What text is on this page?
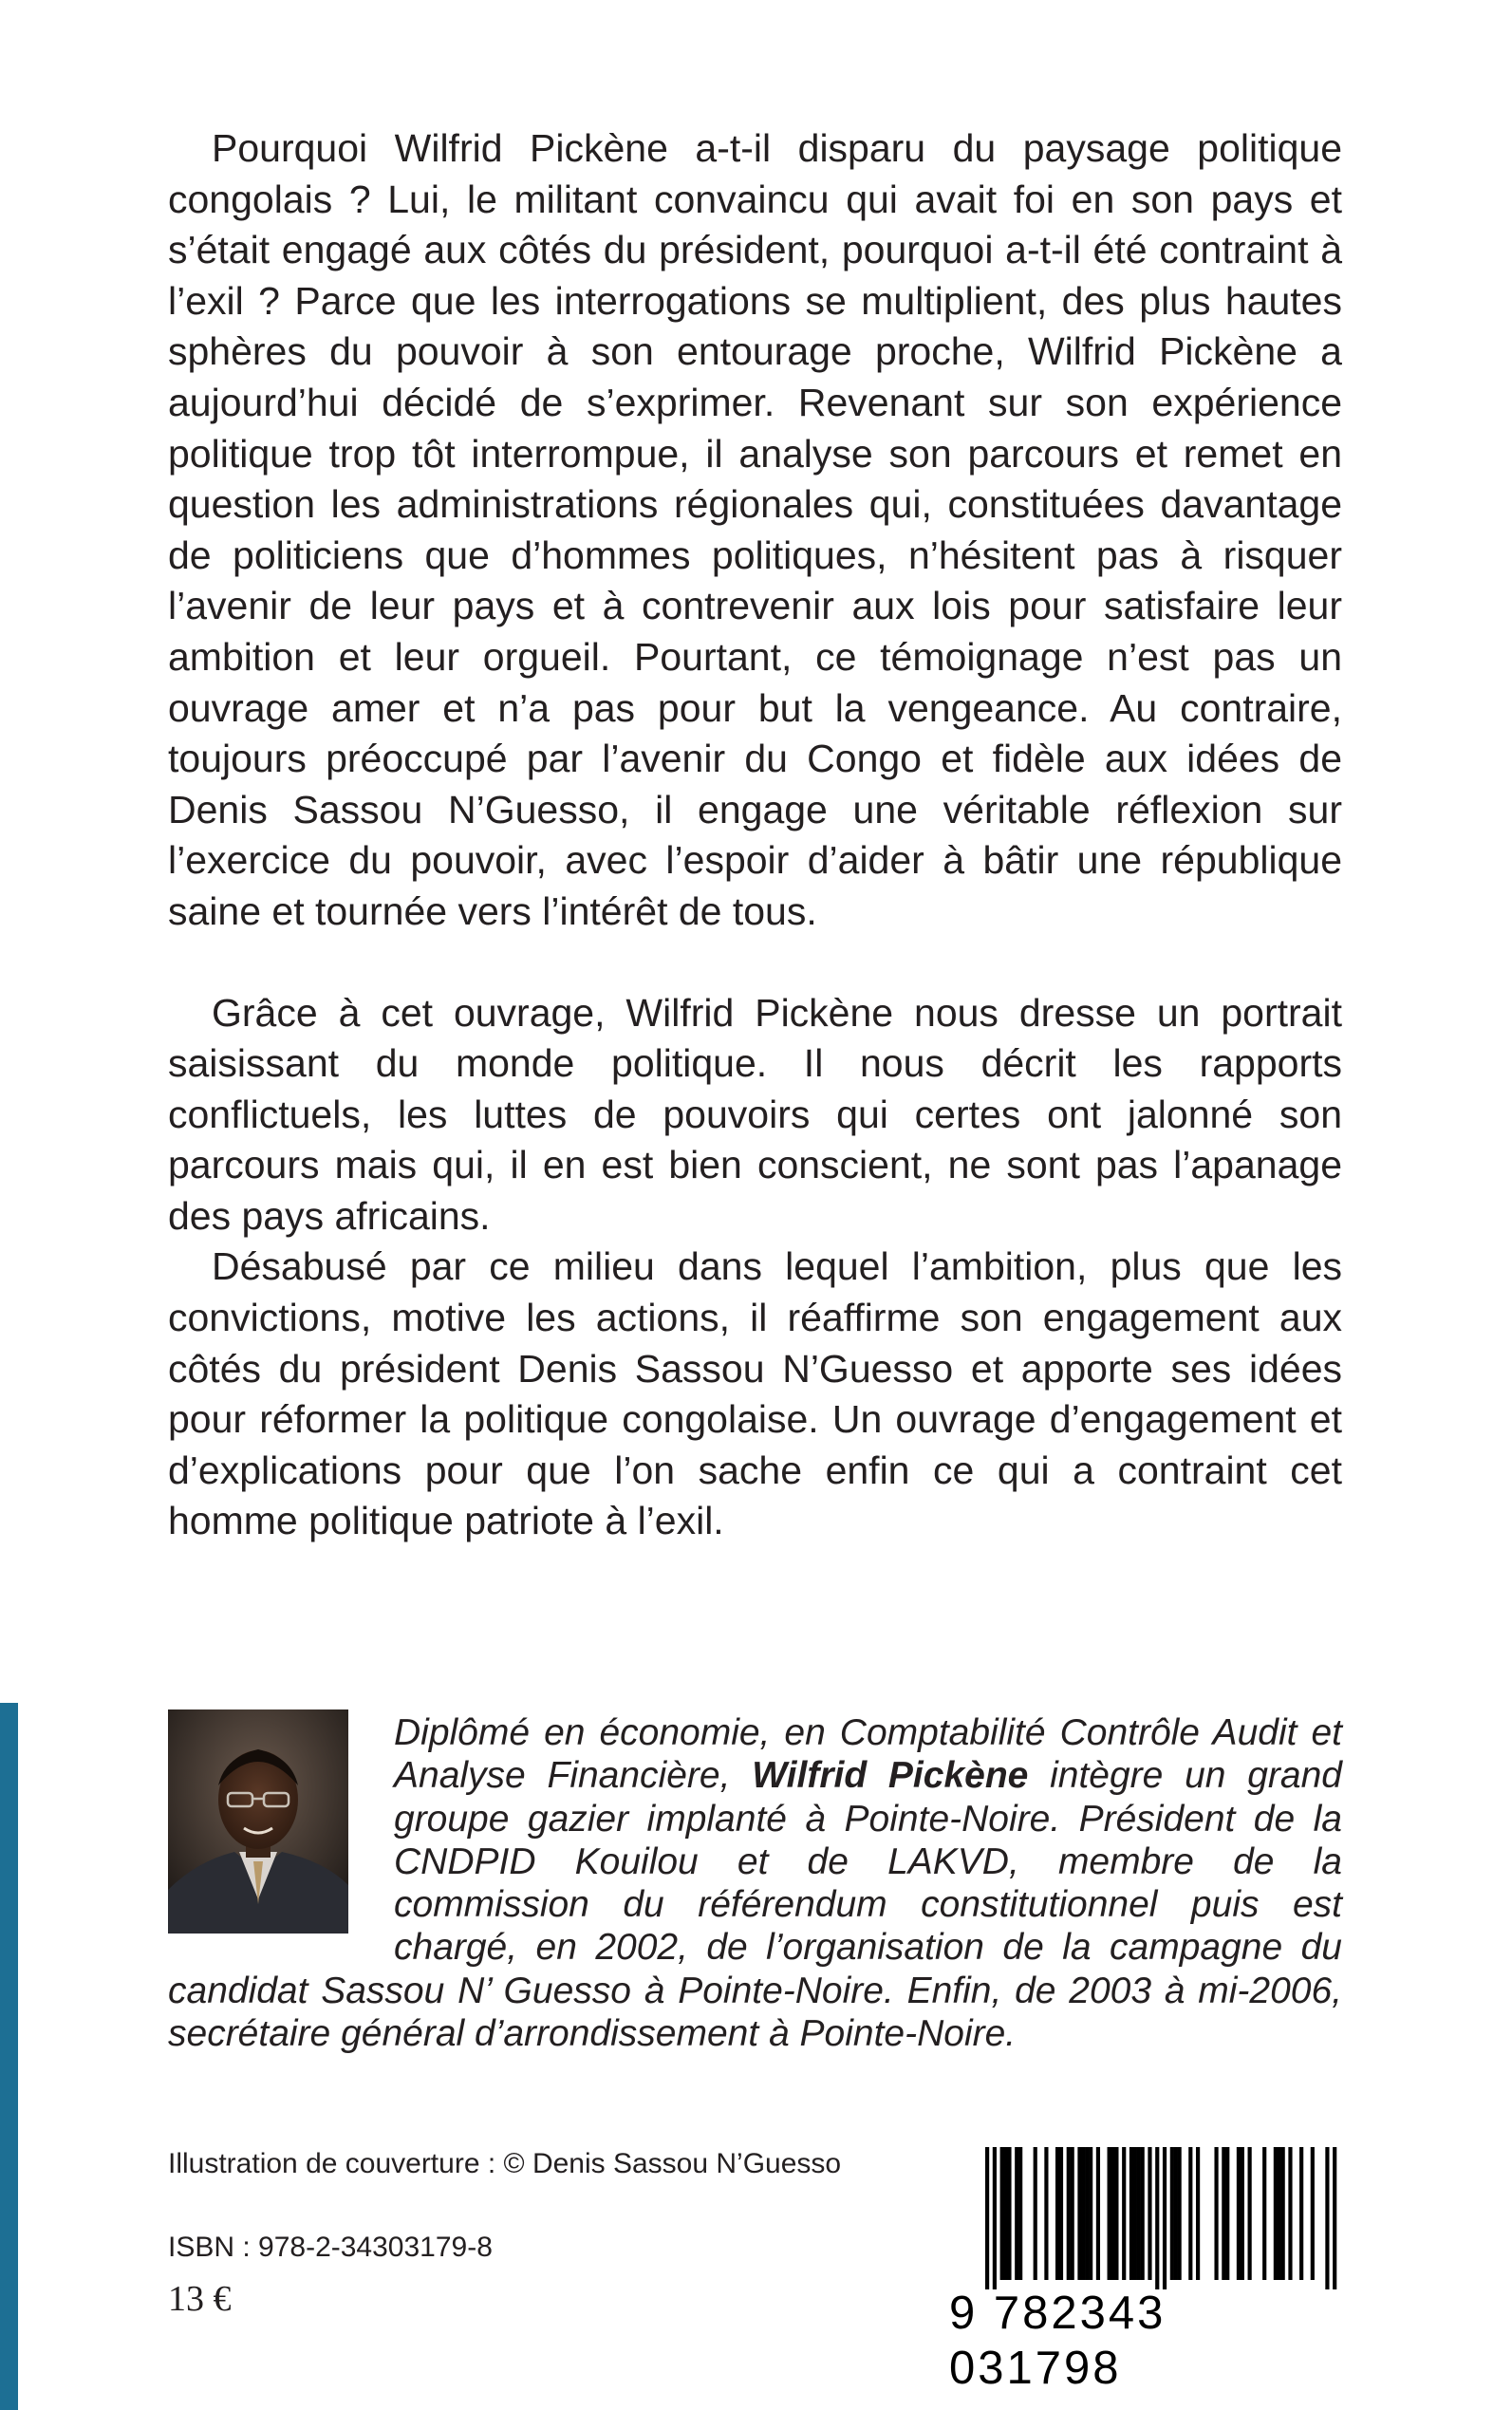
Pourquoi Wilfrid Pickène a-t-il disparu du paysage politique congolais ? Lui, le militant convaincu qui avait foi en son pays et s’était engagé aux côtés du président, pourquoi a-t-il été contraint à l’exil ? Parce que les interrogations se multiplient, des plus hautes sphères du pouvoir à son entourage proche, Wilfrid Pickène a aujourd’hui décidé de s’exprimer. Revenant sur son expérience politique trop tôt interrompue, il analyse son parcours et remet en question les administrations régionales qui, constituées davantage de politiciens que d’hommes politiques, n’hésitent pas à risquer l’avenir de leur pays et à contrevenir aux lois pour satisfaire leur ambition et leur orgueil. Pourtant, ce témoignage n’est pas un ouvrage amer et n’a pas pour but la vengeance. Au contraire, toujours préoccupé par l’avenir du Congo et fidèle aux idées de Denis Sassou N’Guesso, il engage une véritable réflexion sur l’exercice du pouvoir, avec l’espoir d’aider à bâtir une république saine et tournée vers l’intérêt de tous.

Grâce à cet ouvrage, Wilfrid Pickène nous dresse un portrait saisissant du monde politique. Il nous décrit les rapports conflictuels, les luttes de pouvoirs qui certes ont jalonné son parcours mais qui, il en est bien conscient, ne sont pas l’apanage des pays africains.

Désabusé par ce milieu dans lequel l’ambition, plus que les convictions, motive les actions, il réaffirme son engagement aux côtés du président Denis Sassou N’Guesso et apporte ses idées pour réformer la politique congolaise. Un ouvrage d’engagement et d’explications pour que l’on sache enfin ce qui a contraint cet homme politique patriote à l’exil.

Diplômé en économie, en Comptabilité Contrôle Audit et Analyse Financière, Wilfrid Pickène intègre un grand groupe gazier implanté à Pointe-Noire. Président de la CNDPID Kouilou et de LAKVD, membre de la commission du référendum constitutionnel puis est chargé, en 2002, de l’organisation de la campagne du candidat Sassou N’ Guesso à Pointe-Noire. Enfin, de 2003 à mi-2006, secrétaire général d’arrondissement à Pointe-Noire.
Illustration de couverture : © Denis Sassou N’Guesso
ISBN : 978-2-34303179-8
13 €	9 782343 031798
